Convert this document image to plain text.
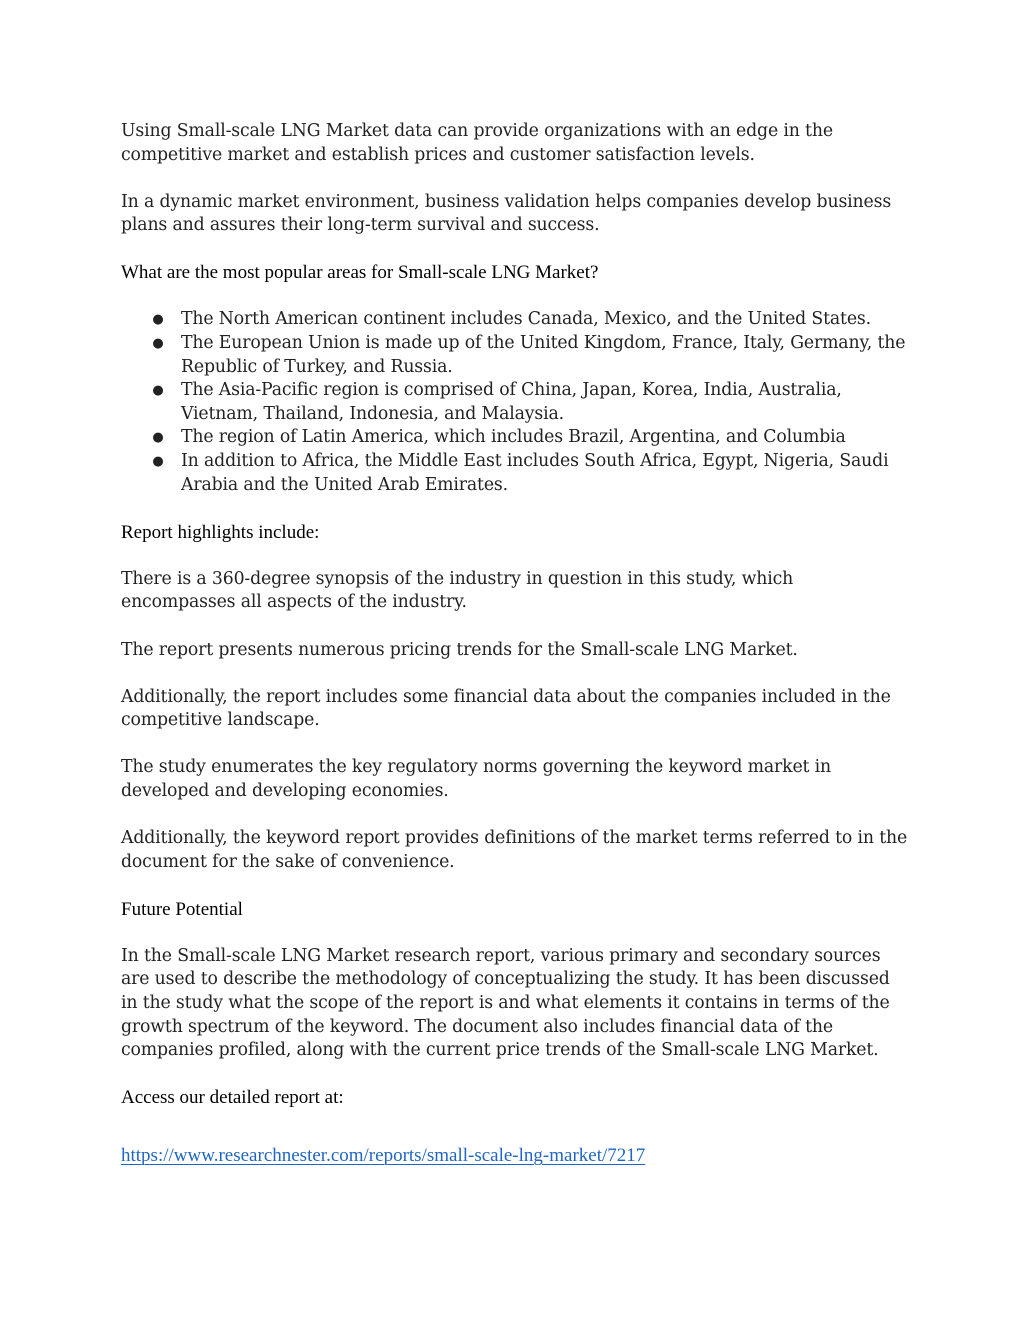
Using Small-scale LNG Market data can provide organizations with an edge in the competitive market and establish prices and customer satisfaction levels.

In a dynamic market environment, business validation helps companies develop business plans and assures their long-term survival and success.

What are the most popular areas for Small-scale LNG Market?
● The North American continent includes Canada, Mexico, and the United States.
● The European Union is made up of the United Kingdom, France, Italy, Germany, the Republic of Turkey, and Russia.
● The Asia-Pacific region is comprised of China, Japan, Korea, India, Australia, Vietnam, Thailand, Indonesia, and Malaysia.
● The region of Latin America, which includes Brazil, Argentina, and Columbia
● In addition to Africa, the Middle East includes South Africa, Egypt, Nigeria, Saudi Arabia and the United Arab Emirates.
Report highlights include:

There is a 360-degree synopsis of the industry in question in this study, which encompasses all aspects of the industry.

The report presents numerous pricing trends for the Small-scale LNG Market.

Additionally, the report includes some financial data about the companies included in the competitive landscape.

The study enumerates the key regulatory norms governing the keyword market in developed and developing economies.

Additionally, the keyword report provides definitions of the market terms referred to in the document for the sake of convenience.

Future Potential

In the Small-scale LNG Market research report, various primary and secondary sources are used to describe the methodology of conceptualizing the study. It has been discussed in the study what the scope of the report is and what elements it contains in terms of the growth spectrum of the keyword. The document also includes financial data of the companies profiled, along with the current price trends of the Small-scale LNG Market.

Access our detailed report at:
https://www.researchnester.com/reports/small-scale-lng-market/7217
